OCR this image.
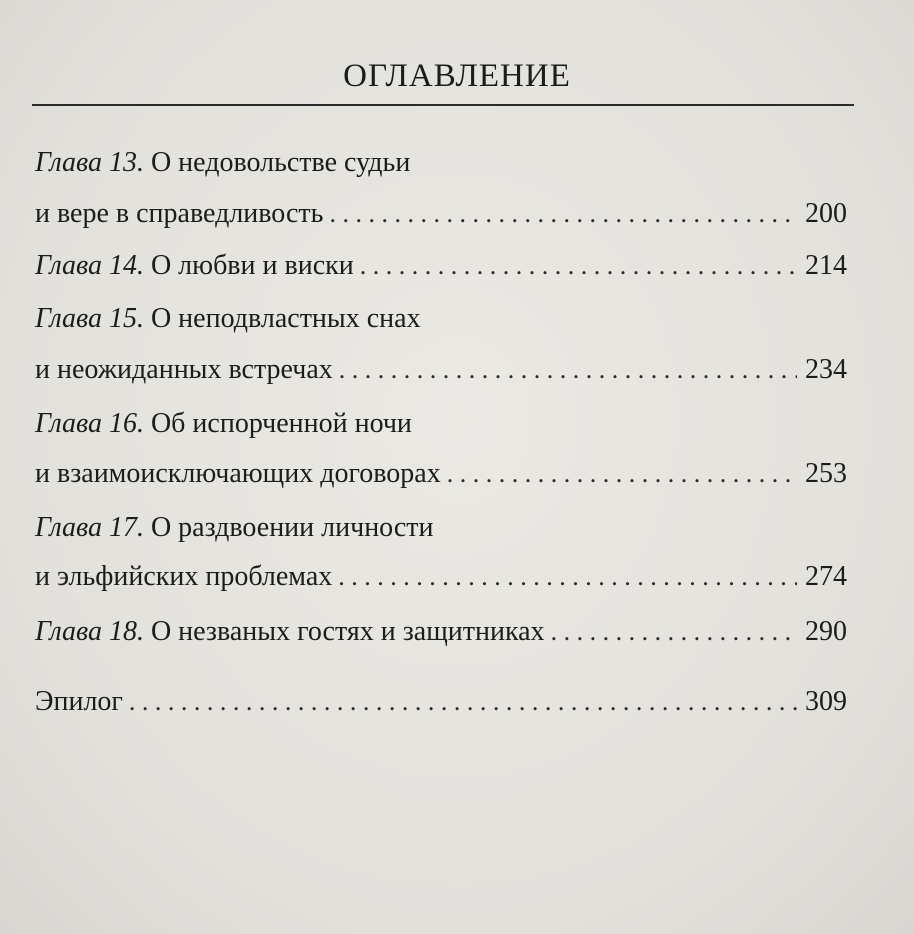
ОГЛАВЛЕНИЕ
Глава 13. О недовольстве судьи
и вере в справедливость . . .	200
Глава 14. О любви и виски . . .	214
Глава 15. О неподвластных снах
и неожиданных встречах . . .	234
Глава 16. Об испорченной ночи
и взаимоисключающих договорах . . .	253
Глава 17. О раздвоении личности
и эльфийских проблемах . . .	274
Глава 18. О незваных гостях и защитниках . . .	290
Эпилог . . .	309
